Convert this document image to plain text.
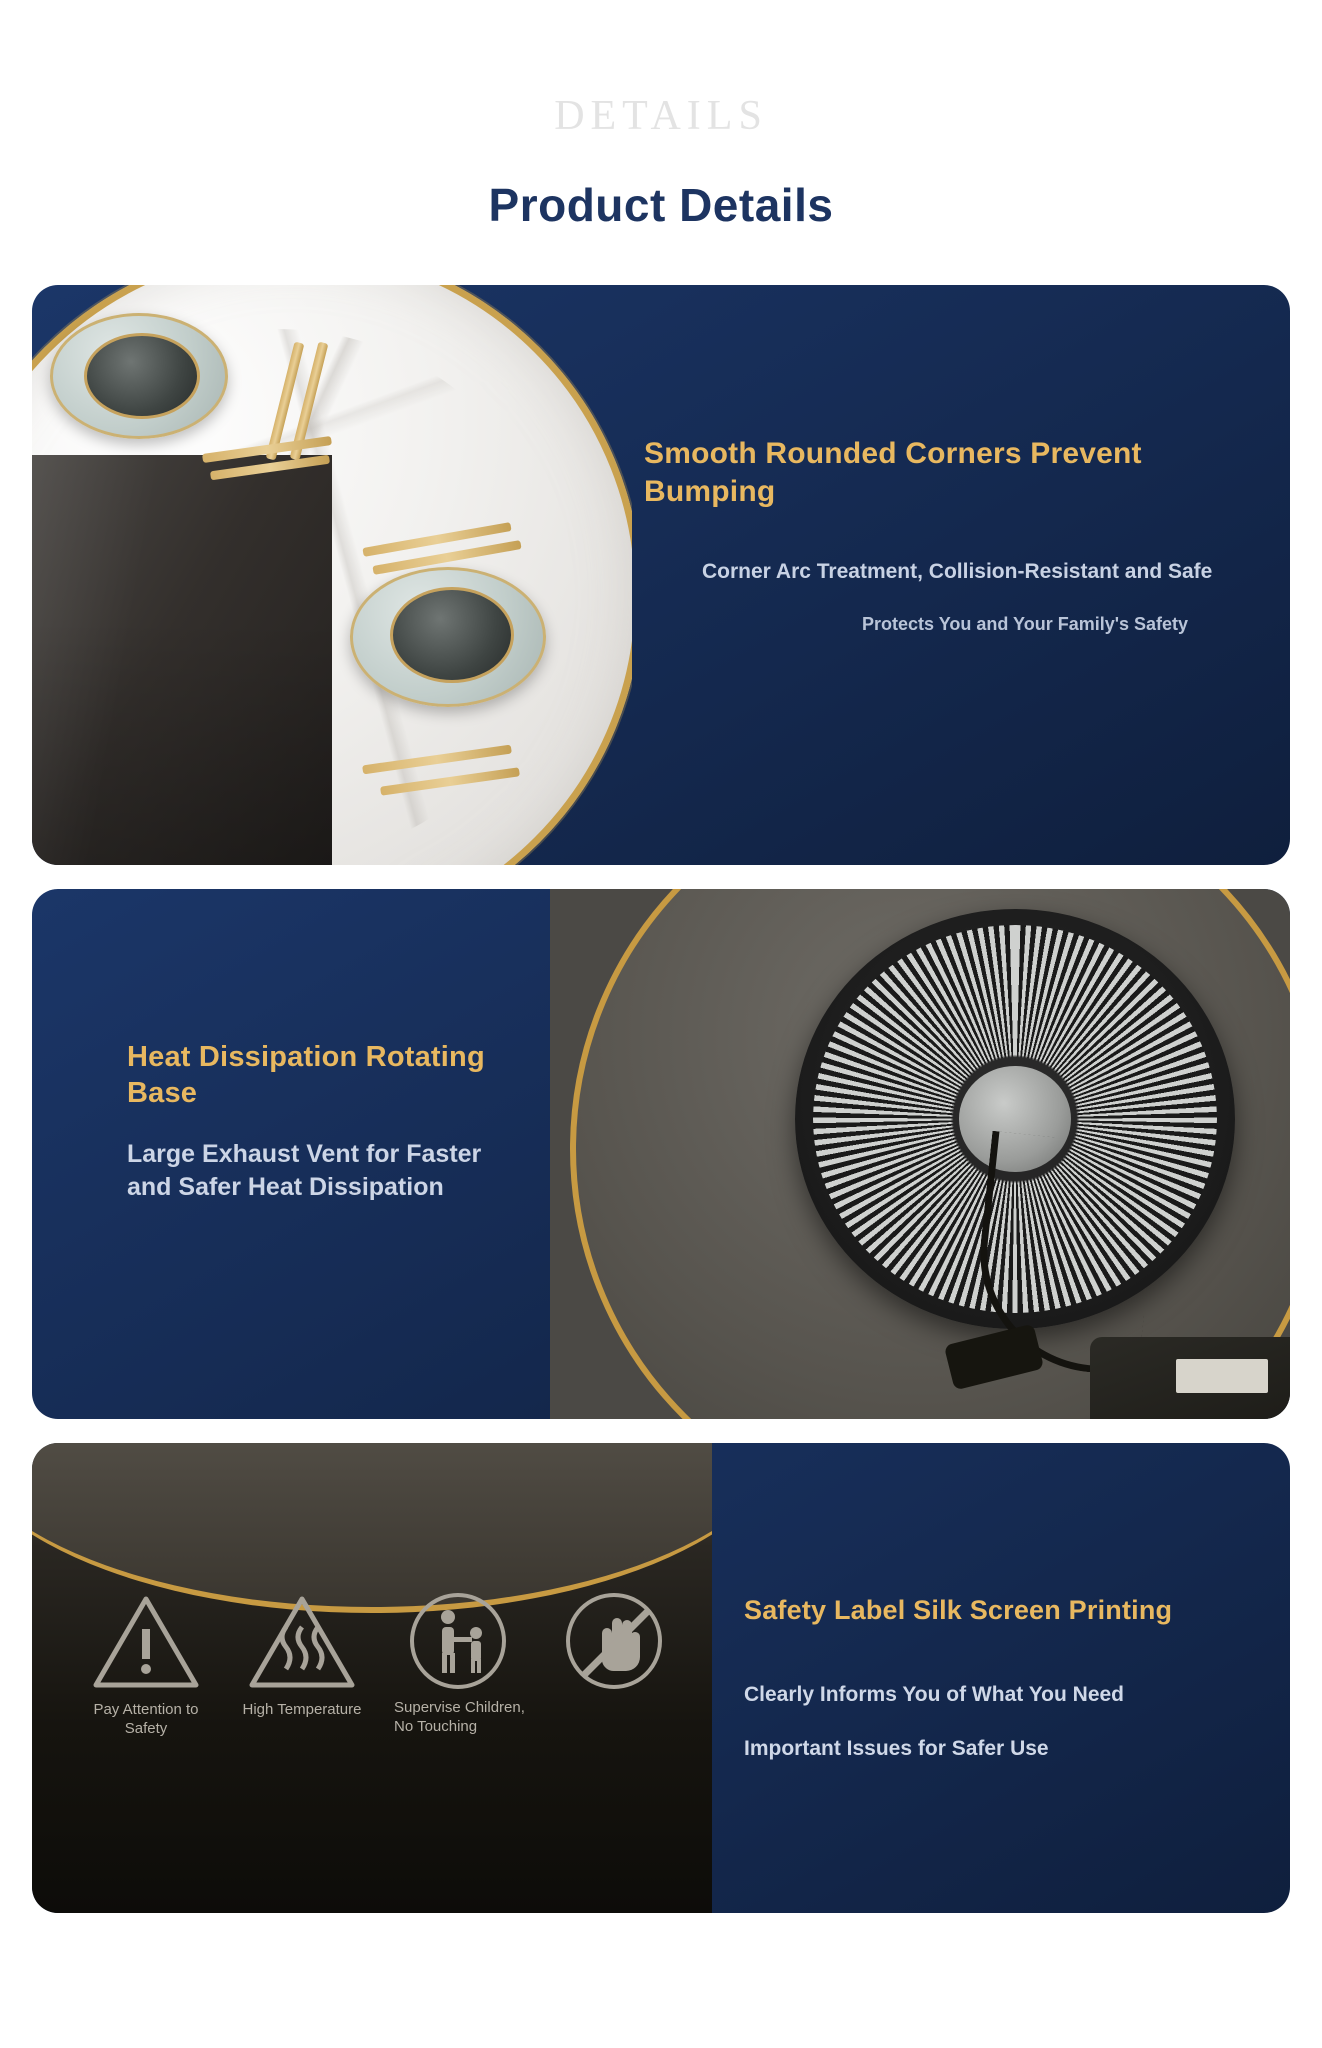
DETAILS
Product Details
Smooth Rounded Corners Prevent Bumping
Corner Arc Treatment, Collision-Resistant and Safe
Protects You and Your Family's Safety
Heat Dissipation Rotating Base
Large Exhaust Vent for Faster and Safer Heat Dissipation
Pay Attention to Safety
High Temperature	Supervise Children, No Touching
Safety Label Silk Screen Printing
Clearly Informs You of What You Need
Important Issues for Safer Use
